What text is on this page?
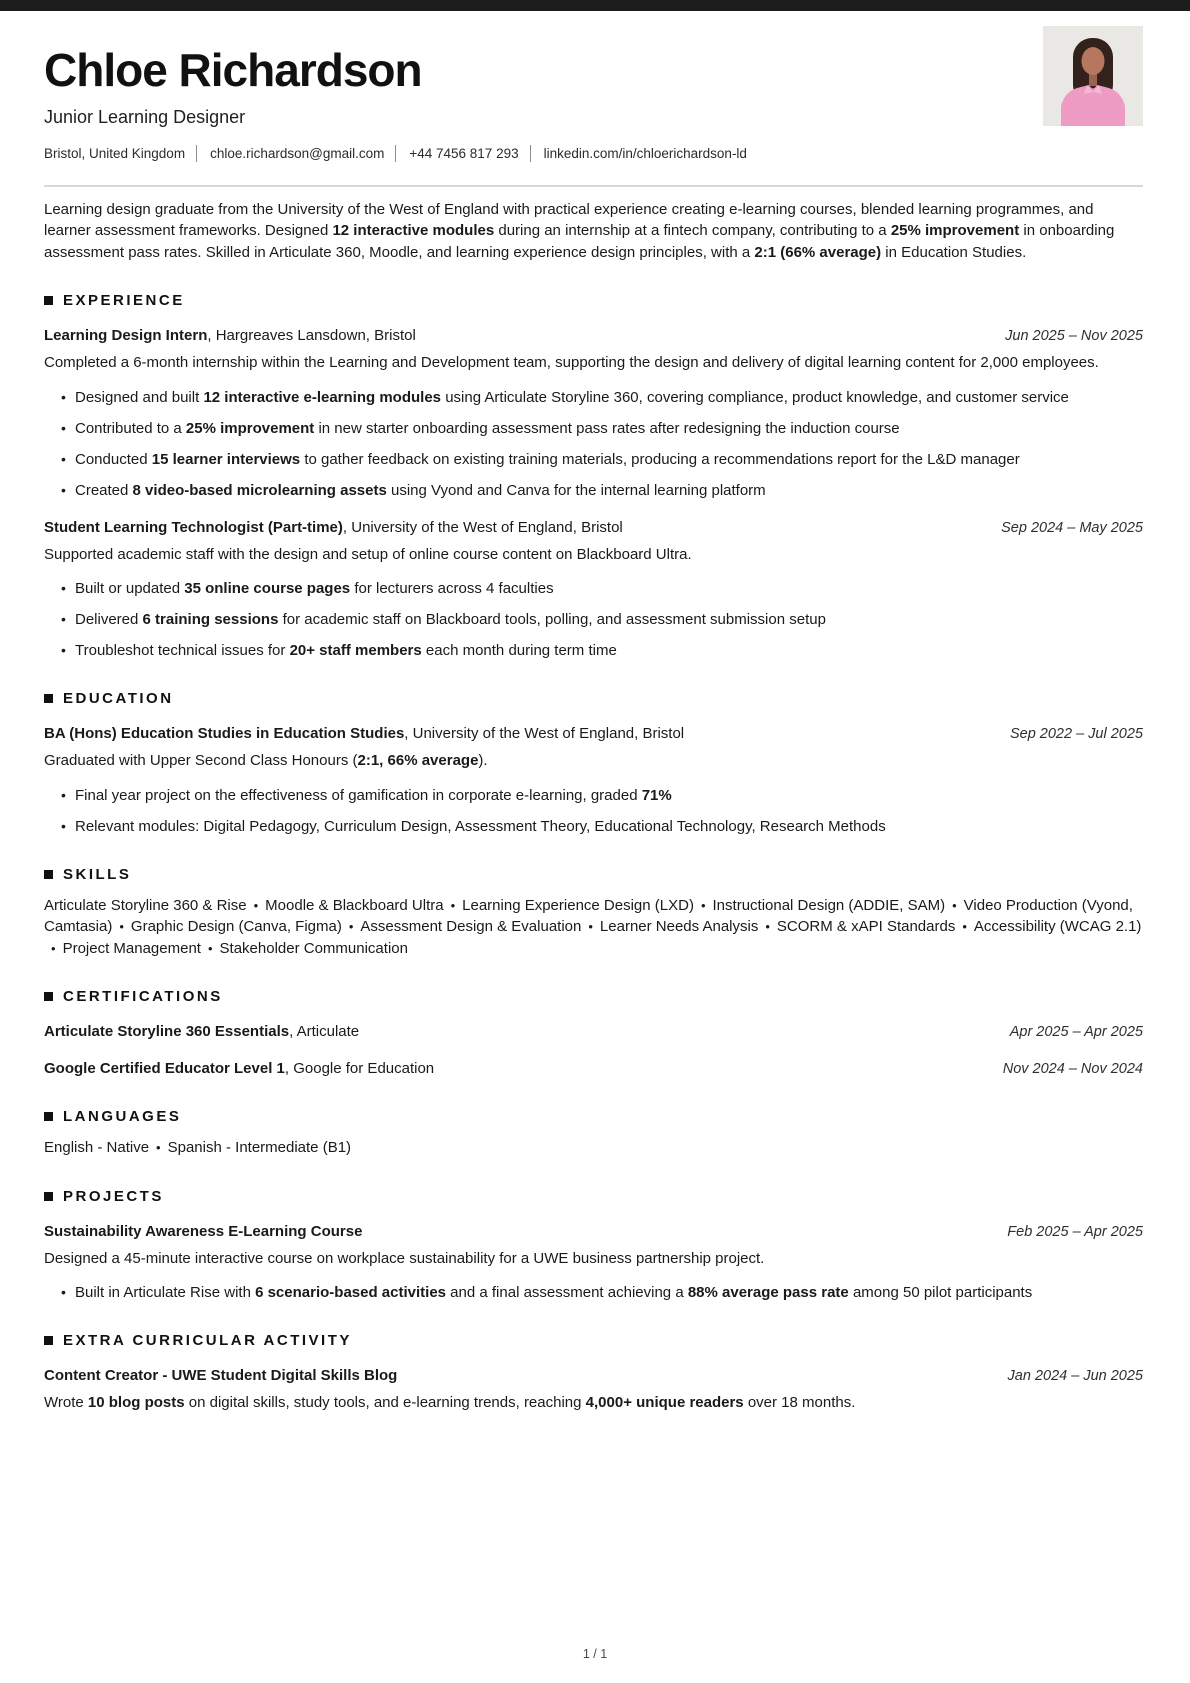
Chloe Richardson

Junior Learning Designer

Bristol, United Kingdom chloe.richardson@gmail.com +44 7456 817 293 linkedin.com/in/chloerichardson-ld

Learning design graduate from the University of the West of England with practical experience creating e-learning courses, blended learning programmes, and learner assessment frameworks. Designed 12 interactive modules during an internship at a fintech company, contributing to a 25% improvement in onboarding assessment pass rates. Skilled in Articulate 360, Moodle, and learning experience design principles, with a 2:1 (66% average) in Education Studies.

EXPERIENCE

Learning Design Intern, Hargreaves Lansdown, Bristol	Jun 2025 – Nov 2025

Completed a 6-month internship within the Learning and Development team, supporting the design and delivery of digital learning content for 2,000 employees.

• Designed and built 12 interactive e-learning modules using Articulate Storyline 360, covering compliance, product knowledge, and customer service
• Contributed to a 25% improvement in new starter onboarding assessment pass rates after redesigning the induction course
• Conducted 15 learner interviews to gather feedback on existing training materials, producing a recommendations report for the L&D manager
• Created 8 video-based microlearning assets using Vyond and Canva for the internal learning platform

Student Learning Technologist (Part-time), University of the West of England, Bristol	Sep 2024 – May 2025

Supported academic staff with the design and setup of online course content on Blackboard Ultra.

• Built or updated 35 online course pages for lecturers across 4 faculties
• Delivered 6 training sessions for academic staff on Blackboard tools, polling, and assessment submission setup
• Troubleshot technical issues for 20+ staff members each month during term time
EDUCATION

BA (Hons) Education Studies in Education Studies, University of the West of England, Bristol	Sep 2022 – Jul 2025

Graduated with Upper Second Class Honours (2:1, 66% average).

• Final year project on the effectiveness of gamification in corporate e-learning, graded 71%
• Relevant modules: Digital Pedagogy, Curriculum Design, Assessment Theory, Educational Technology, Research Methods
SKILLS

Articulate Storyline 360 & Rise • Moodle & Blackboard Ultra • Learning Experience Design (LXD) • Instructional Design (ADDIE, SAM) • Video Production (Vyond, Camtasia) • Graphic Design (Canva, Figma) • Assessment Design & Evaluation • Learner Needs Analysis • SCORM & xAPI Standards • Accessibility (WCAG 2.1)• Project Management • Stakeholder Communication

CERTIFICATIONS

Articulate Storyline 360 Essentials, Articulate	Apr 2025 – Apr 2025

Google Certified Educator Level 1, Google for Education	Nov 2024 – Nov 2024
LANGUAGES

English - Native • Spanish - Intermediate (B1)

PROJECTS

Sustainability Awareness E-Learning Course	Feb 2025 – Apr 2025

Designed a 45-minute interactive course on workplace sustainability for a UWE business partnership project.

• Built in Articulate Rise with 6 scenario-based activities and a final assessment achieving a 88% average pass rate among 50 pilot participants
EXTRA CURRICULAR ACTIVITY

Content Creator - UWE Student Digital Skills Blog	Jan 2024 – Jun 2025

Wrote 10 blog posts on digital skills, study tools, and e-learning trends, reaching 4,000+ unique readers over 18 months.

1 / 1
